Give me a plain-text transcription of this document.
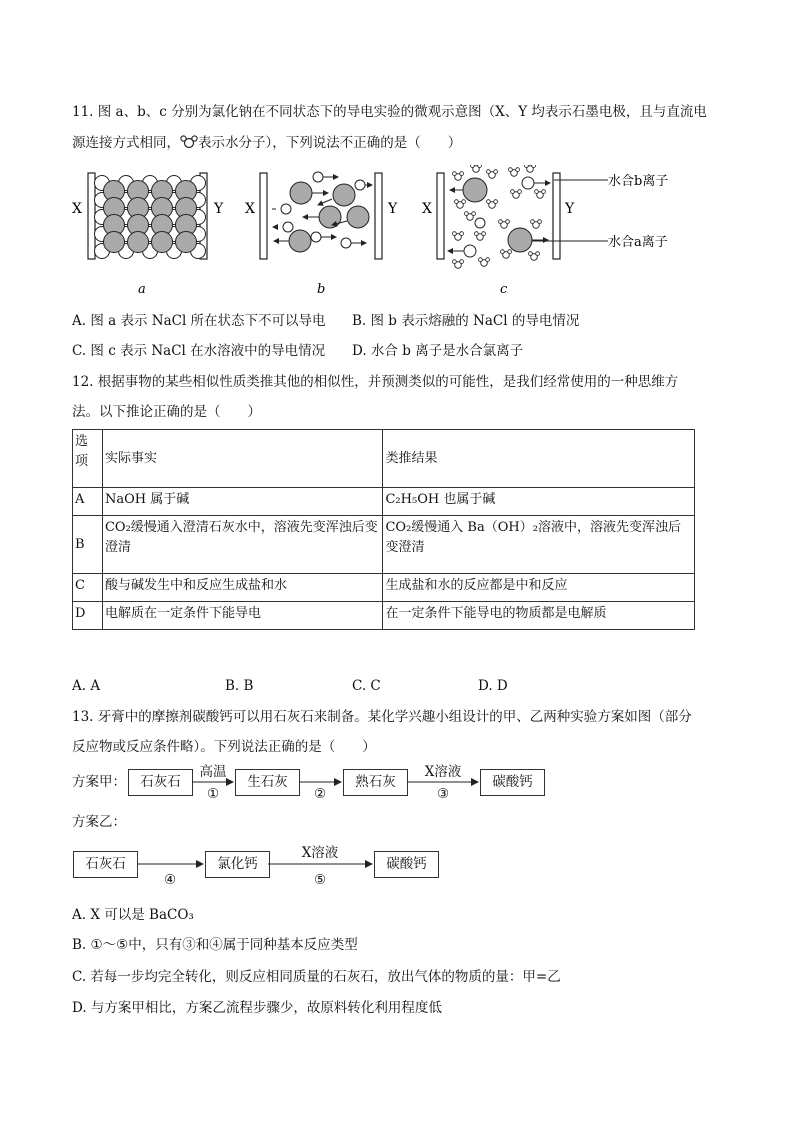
11. 图 a、b、c 分别为氯化钠在不同状态下的导电实验的微观示意图（X、Y 均表示石墨电极，且与直流电
源连接方式相同， 表示水分子），下列说法不正确的是（　　）
X	Y
a
X	Y
b
X	Y
水合b离子
水合a离子
c
A. 图 a 表示 NaCl 所在状态下不可以导电 B. 图 b 表示熔融的 NaCl 的导电情况
C. 图 c 表示 NaCl 在水溶液中的导电情况 D. 水合 b 离子是水合氯离子
12. 根据事物的某些相似性质类推其他的相似性，并预测类似的可能性，是我们经常使用的一种思维方
法。以下推论正确的是（　　）
选项	实际事实	类推结果
A	NaOH 属于碱	C₂H₅OH 也属于碱
B	CO₂缓慢通入澄清石灰水中，溶液先变浑浊后变澄清	CO₂缓慢通入 Ba（OH）₂溶液中，溶液先变浑浊后变澄清
C	酸与碱发生中和反应生成盐和水	生成盐和水的反应都是中和反应
D	电解质在一定条件下能导电	在一定条件下能导电的物质都是电解质
A. A	B. B	C. C	D. D
13. 牙膏中的摩擦剂碳酸钙可以用石灰石来制备。某化学兴趣小组设计的甲、乙两种实验方案如图（部分
反应物或反应条件略）。下列说法正确的是（　　）
方案甲：	石灰石	生石灰	熟石灰	碳酸钙
高温
①	②
X溶液
③
方案乙：
石灰石	氯化钙	碳酸钙
④
X溶液
⑤
A. X 可以是 BaCO₃
B. ①～⑤中，只有③和④属于同种基本反应类型
C. 若每一步均完全转化，则反应相同质量的石灰石，放出气体的物质的量：甲=乙
D. 与方案甲相比，方案乙流程步骤少，故原料转化利用程度低
